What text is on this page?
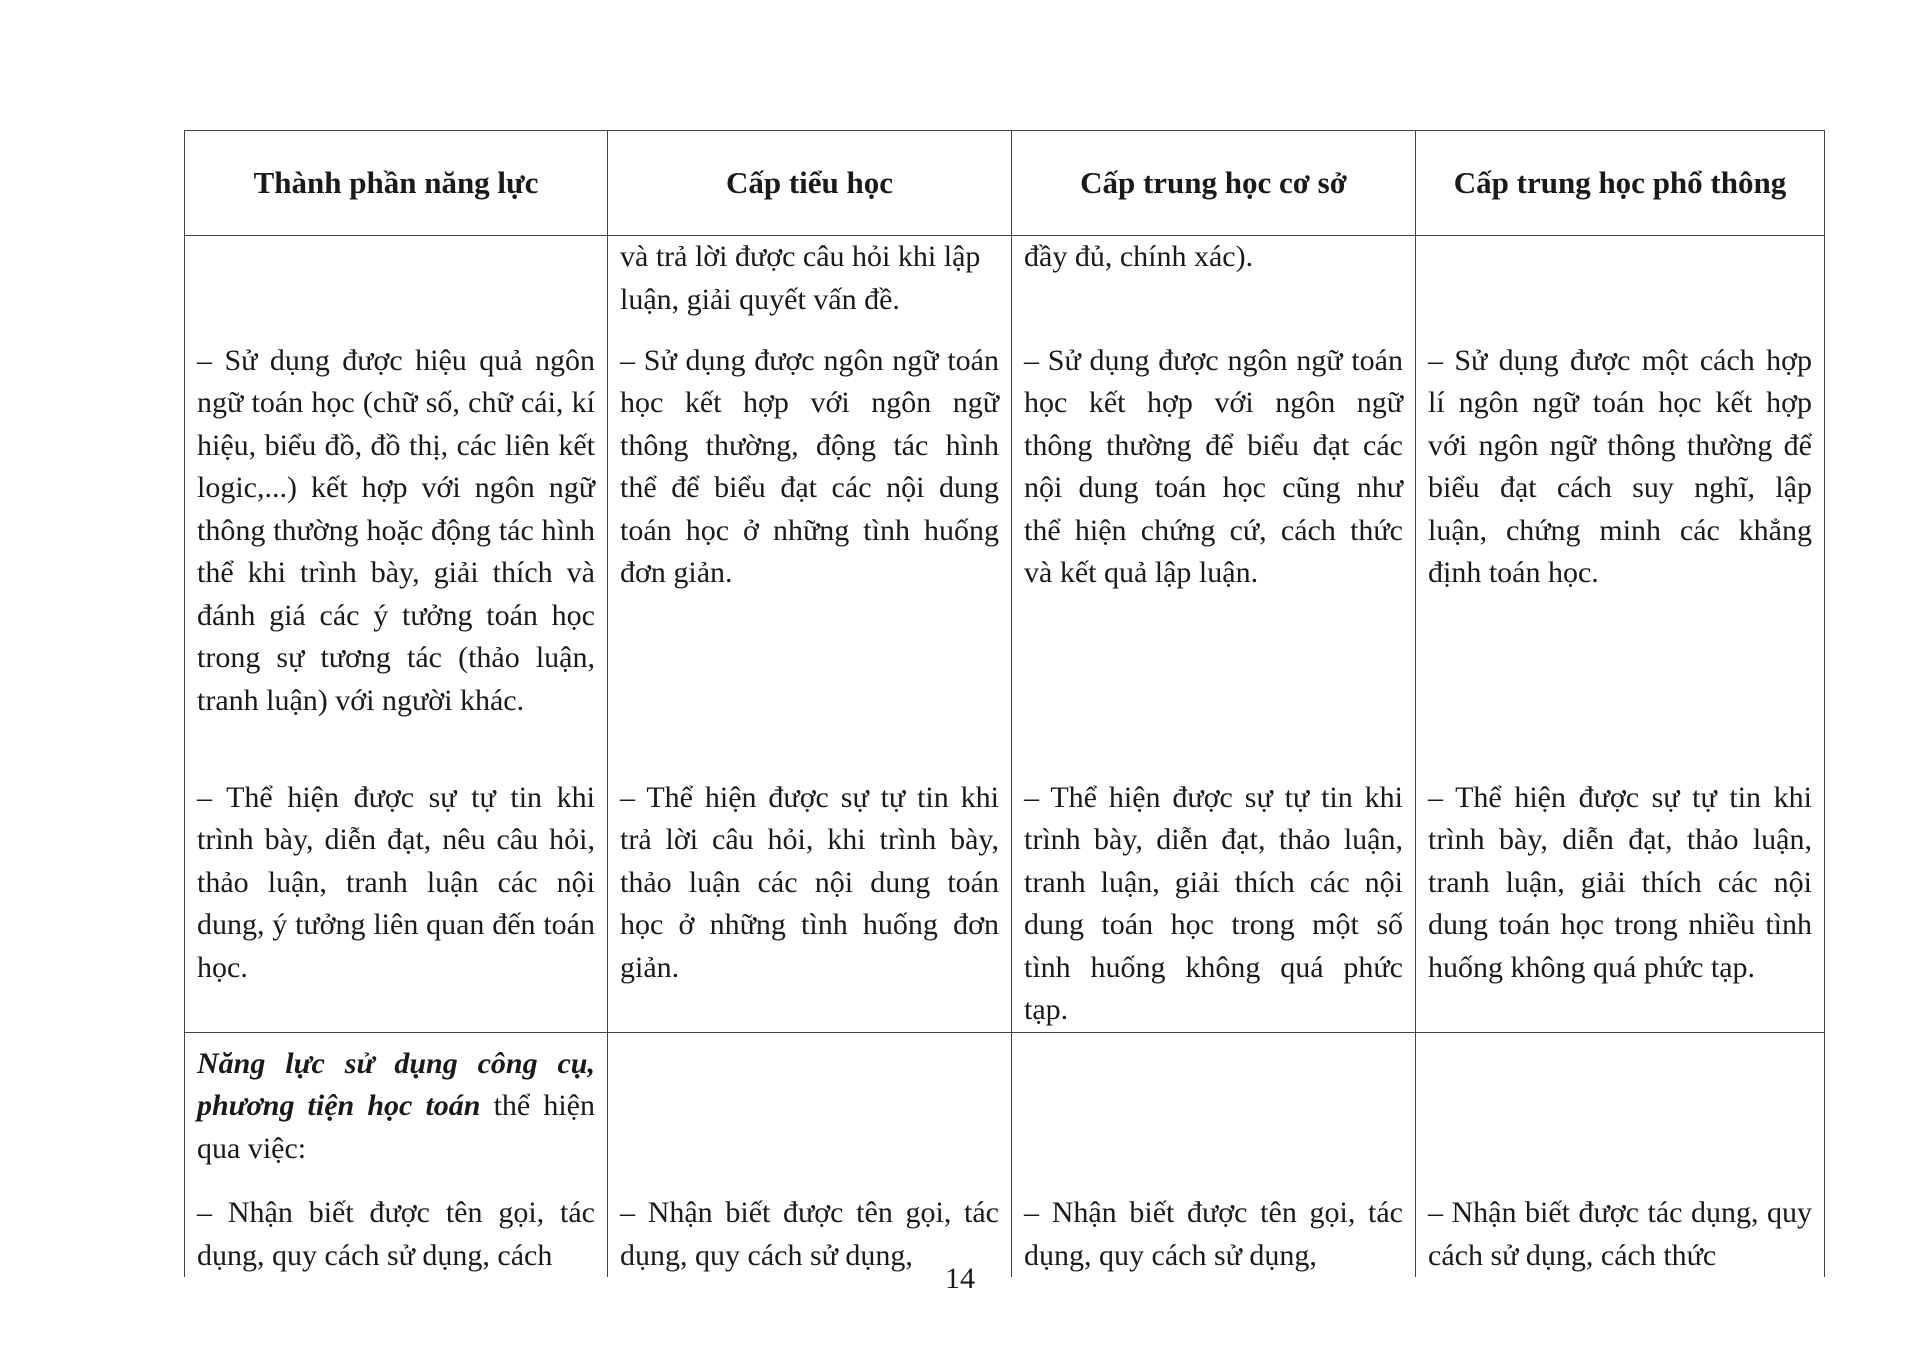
Thành phần năng lực	Cấp tiểu học	Cấp trung học cơ sở	Cấp trung học phổ thông

	và trả lời được câu hỏi khi lập luận, giải quyết vấn đề.	đầy đủ, chính xác).	

– Sử dụng được hiệu quả ngôn ngữ toán học (chữ số, chữ cái, kí hiệu, biểu đồ, đồ thị, các liên kết logic,...) kết hợp với ngôn ngữ thông thường hoặc động tác hình thể khi trình bày, giải thích và đánh giá các ý tưởng toán học trong sự tương tác (thảo luận, tranh luận) với người khác.	– Sử dụng được ngôn ngữ toán học kết hợp với ngôn ngữ thông thường, động tác hình thể để biểu đạt các nội dung toán học ở những tình huống đơn giản.	– Sử dụng được ngôn ngữ toán học kết hợp với ngôn ngữ thông thường để biểu đạt các nội dung toán học cũng như thể hiện chứng cứ, cách thức và kết quả lập luận.	– Sử dụng được một cách hợp lí ngôn ngữ toán học kết hợp với ngôn ngữ thông thường để biểu đạt cách suy nghĩ, lập luận, chứng minh các khẳng định toán học.

– Thể hiện được sự tự tin khi trình bày, diễn đạt, nêu câu hỏi, thảo luận, tranh luận các nội dung, ý tưởng liên quan đến toán học.	– Thể hiện được sự tự tin khi trả lời câu hỏi, khi trình bày, thảo luận các nội dung toán học ở những tình huống đơn giản.	– Thể hiện được sự tự tin khi trình bày, diễn đạt, thảo luận, tranh luận, giải thích các nội dung toán học trong một số tình huống không quá phức tạp.	– Thể hiện được sự tự tin khi trình bày, diễn đạt, thảo luận, tranh luận, giải thích các nội dung toán học trong nhiều tình huống không quá phức tạp.

Năng lực sử dụng công cụ, phương tiện học toán thể hiện qua việc:			

– Nhận biết được tên gọi, tác dụng, quy cách sử dụng, cách	– Nhận biết được tên gọi, tác dụng, quy cách sử dụng,	– Nhận biết được tên gọi, tác dụng, quy cách sử dụng,	– Nhận biết được tác dụng, quy cách sử dụng, cách thức
14
